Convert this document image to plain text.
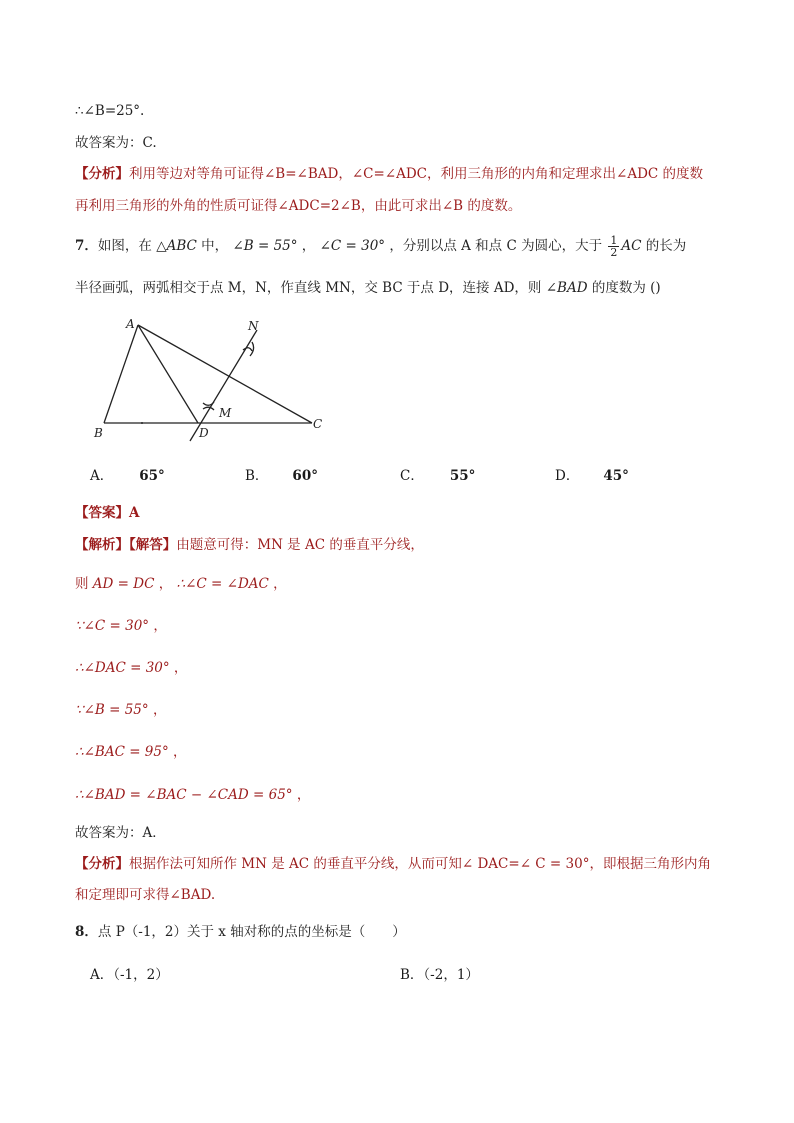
∴∠B=25°.
故答案为：C.
【分析】利用等边对等角可证得∠B=∠BAD，∠C=∠ADC，利用三角形的内角和定理求出∠ADC 的度数
再利用三角形的外角的性质可证得∠ADC=2∠B，由此可求出∠B 的度数。
7．如图，在 △ABC 中， ∠B = 55° ， ∠C = 30° ，分别以点 A 和点 C 为圆心，大于 $\frac{1}{2}$ AC 的长为
半径画弧，两弧相交于点 M，N，作直线 MN，交 BC 于点 D，连接 AD，则 ∠BAD 的度数为 ()
A
B
C
D
M
N
A． 65°	B． 60°	C． 55°	D． 45°
【答案】A
【解析】【解答】由题意可得：MN 是 AC 的垂直平分线，
则 AD = DC ， ∴∠C = ∠DAC ，
∵∠C = 30° ，
∴∠DAC = 30° ，
∵∠B = 55° ，
∴∠BAC = 95° ，
∴∠BAD = ∠BAC − ∠CAD = 65° ，
故答案为：A．
【分析】根据作法可知所作 MN 是 AC 的垂直平分线，从而可知∠ DAC=∠ C = 30°，即根据三角形内角
和定理即可求得∠BAD.
8．点 P（-1，2）关于 x 轴对称的点的坐标是（　　）
A．（-1，2）	B．（-2，1）
